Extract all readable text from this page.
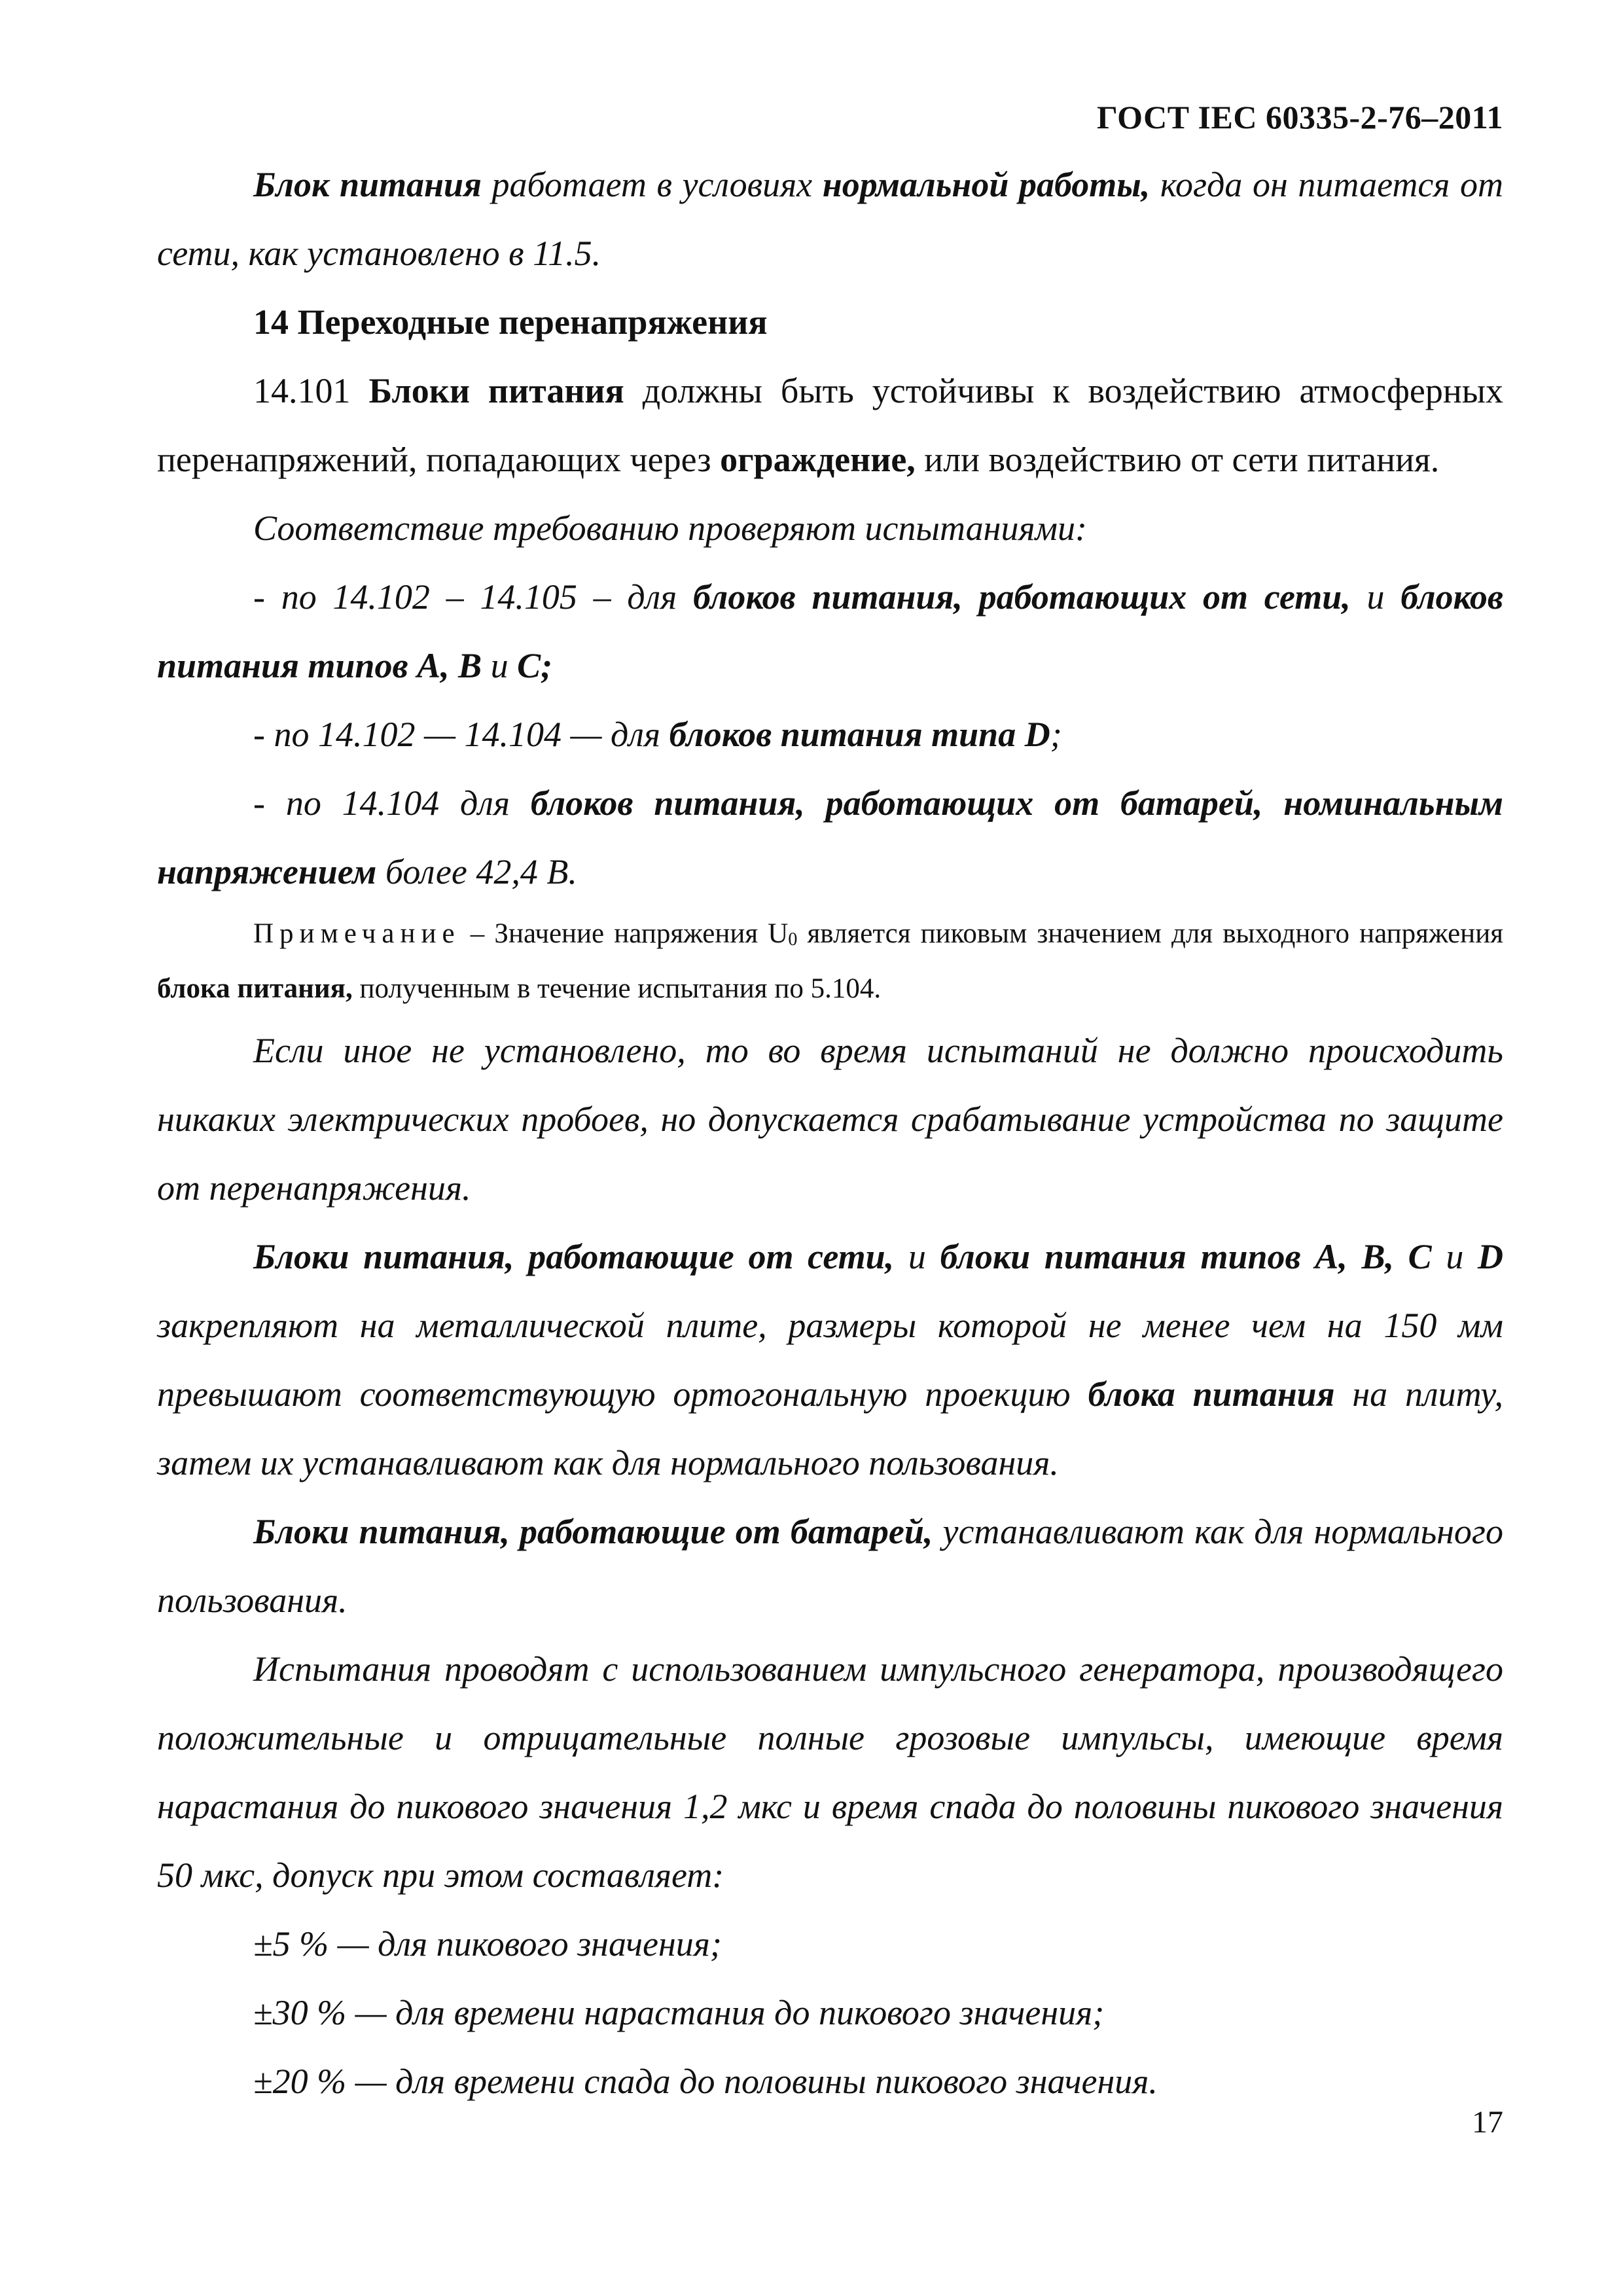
ГОСТ IEC 60335-2-76–2011

Блок питания работает в условиях нормальной работы, когда он питается от сети, как установлено в 11.5.

14 Переходные перенапряжения

14.101 Блоки питания должны быть устойчивы к воздействию атмосферных перенапряжений, попадающих через ограждение, или воздействию от сети питания.

Соответствие требованию проверяют испытаниями:

- по 14.102 – 14.105 – для блоков питания, работающих от сети, и блоков питания типов А, В и С;

- по 14.102 — 14.104 — для блоков питания типа D;

- по 14.104 для блоков питания, работающих от батарей, номинальным напряжением более 42,4 В.

Примечание – Значение напряжения $U_0$ является пиковым значением для выходного напряжения блока питания, полученным в течение испытания по 5.104.

Если иное не установлено, то во время испытаний не должно происходить никаких электрических пробоев, но допускается срабатывание устройства по защите от перенапряжения.

Блоки питания, работающие от сети, и блоки питания типов А, В, С и D закрепляют на металлической плите, размеры которой не менее чем на 150 мм превышают соответствующую ортогональную проекцию блока питания на плиту, затем их устанавливают как для нормального пользования.

Блоки питания, работающие от батарей, устанавливают как для нормального пользования.

Испытания проводят с использованием импульсного генератора, производящего положительные и отрицательные полные грозовые импульсы, имеющие время нарастания до пикового значения 1,2 мкс и время спада до половины пикового значения 50 мкс, допуск при этом составляет:

±5 % — для пикового значения;

±30 % — для времени нарастания до пикового значения;

±20 % — для времени спада до половины пикового значения.

17
